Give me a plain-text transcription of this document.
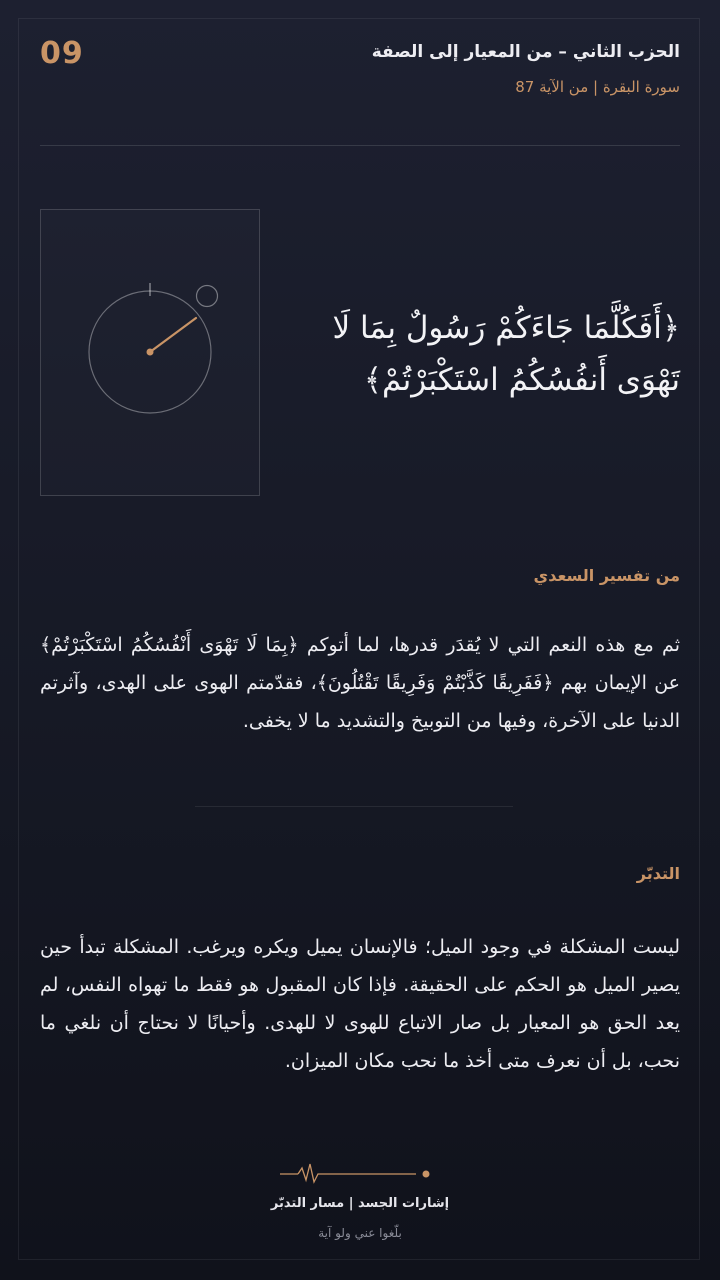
09	الحزب الثاني – من المعيار إلى الصفة
سورة البقرة | من الآية 87
﴿أَفَكُلَّمَا جَاءَكُمْ رَسُولٌ بِمَا لَا تَهْوَى أَنفُسُكُمُ اسْتَكْبَرْتُمْ﴾
من تفسير السعدي
ثم مع هذه النعم التي لا يُقدَر قدرها، لما أتوكم ﴿بِمَا لَا تَهْوَى أَنْفُسُكُمُ اسْتَكْبَرْتُمْ﴾ عن الإيمان بهم ﴿فَفَرِيقًا كَذَّبْتُمْ وَفَرِيقًا تَقْتُلُونَ﴾، فقدّمتم الهوى على الهدى، وآثرتم الدنيا على الآخرة، وفيها من التوبيخ والتشديد ما لا يخفى.
التدبّر
ليست المشكلة في وجود الميل؛ فالإنسان يميل ويكره ويرغب. المشكلة تبدأ حين يصير الميل هو الحكم على الحقيقة. فإذا كان المقبول هو فقط ما تهواه النفس، لم يعد الحق هو المعيار بل صار الاتباع للهوى لا للهدى. وأحيانًا لا نحتاج أن نلغي ما نحب، بل أن نعرف متى أخذ ما نحب مكان الميزان.
إشارات الجسد | مسار التدبّر
بلّغوا عني ولو آية
